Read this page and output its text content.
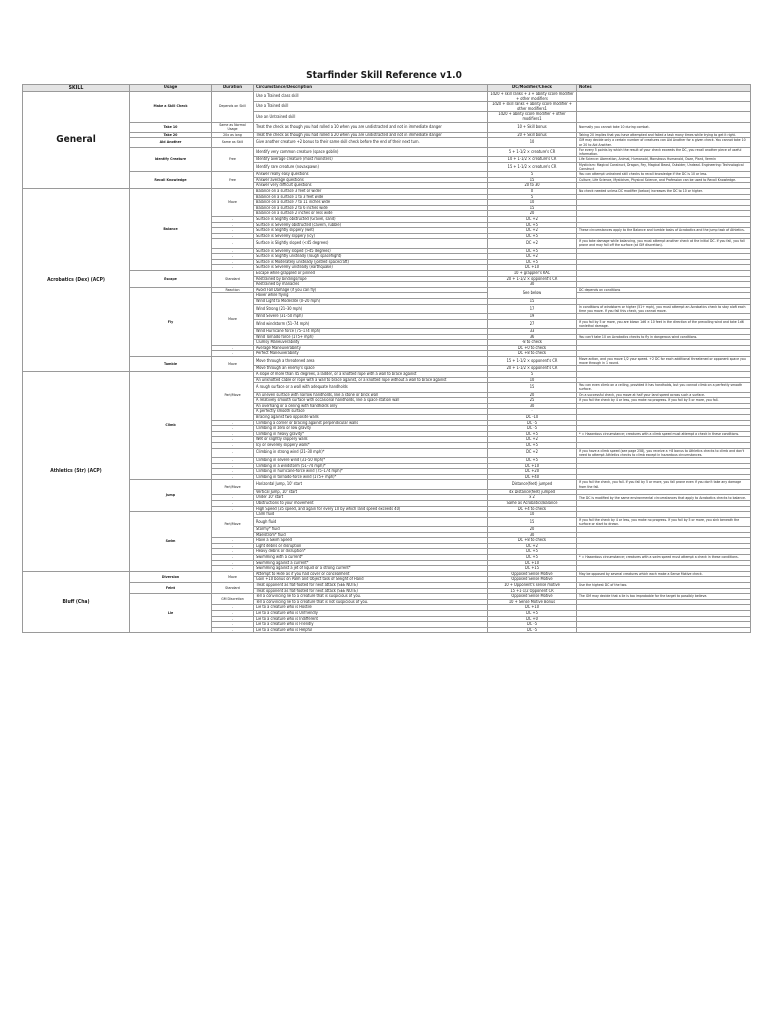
Starfinder Skill Reference v1.0
SKILL	Usage	Duration	Circumstance/Description	DC/Modifier/Check	Notes
General	Make a Skill Check	Depends on Skill	Use a Trained class skill	1d20 + skill ranks + 3 + ability score modifier + other modifiers	
			Use a Trained skill	1d20 + skill ranks + ability score modifier + other modifiers1	
			Use an Untrained skill	1d20 + ability score modifier + other modifiers1	
	Take 10	Same as Normal Usage	Treat the check as though you had rolled a 10 when you are undistracted and not in immediate danger	10 + Skill bonus	Normally you cannot take 10 during combat.
	Take 20	20x as long	Treat the check as though you had rolled a 20 when you are undistracted and not in immediate danger	20 + Skill bonus	Taking 20 implies that you have attempted and failed a task many times while trying to get it right.
	Aid Another	Same as Skill	Give another creature +2 bonus to their same skill check before the end of their next turn.	10	GM may decide only a certain number of creatures can Aid Another for a given check. You cannot take 10 or 20 to Aid Another.
	Identify Creature	Free	Identify very common creature (space goblin)	5 + 1-1/2 × creature's CR	For every 5 points by which the result of your check exceeds the DC, you recall another piece of useful information.
			Identify average creature (most monsters)	10 + 1-1/2 × creature's CR	Life Science: Aberration, Animal, Humanoid, Monstrous Humanoid, Ooze, Plant, Vermin
			Identify rare creature (novaxpawn)	15 + 1-1/2 × creature's CR	Mysticism: Magical Construct, Dragon, Fey, Magical Beast, Outsider, Undead. Engineering: Technological Construct
	Recall Knowledge	Free	Answer really easy questions	5	You can attempt untrained skill checks to recall knowledge if the DC is 10 or less.
			Answer average questions	15	Culture, Life Science, Mysticism, Physical Science, and Profession can be used to Recall Knowledge.
			Answer very difficult questions	20 to 30	
Acrobatics (Dex) (ACP)	Balance	Move	Balance on a surface 3 feet or wider	0	No check needed unless DC modifier (below) increases the DC to 10 or higher.
			Balance on a surface 1 to 3 feet wide	5	
			Balance on a surface 7 to 11 inches wide	10	
			Balance on a surface 2 to 6 inches wide	15	
			Balance on a surface 2 inches or less wide	20	
		-	Surface is Slightly obstructed (Gravel, sand)	DC +2	
		-	Surface is Severely obstructed (cavern, rubble)	DC +5	
		-	Surface is Slightly slippery (wet)	DC +2	These circumstances apply to the Balance and tumble tasks of Acrobatics and the jump task of Athletics.
		-	Surface is Severely slippery (icy)	DC +5	
		-	Surface is Slightly sloped (<45 degrees)	DC +2	If you take damage while balancing, you must attempt another check at the initial DC. If you fail, you fall prone and may fall off the surface (at GM discretion).
		-	Surface is Severely sloped (>45 degrees)	DC +5	
		-	Surface is Slightly unsteady (rough spaceflight)	DC +2	
		-	Surface is Moderately unsteady (jostled spacecraft)	DC +5	
		-	Surface is Severely unsteady (earthquake)	DC +10	
	Escape	Standard	Escape while grappled or pinned	10 + grappler's KAC	
			Restrained by bindings/rope	20 + 1-1/2 × opponent's CR	
			Restrained by manacles	30	
	Fly	Reaction	Avoid Fall Damage (if you can fly)	See below	DC depends on conditions
		Move	Hover while flying		
			Wind Light to Moderate (0–20 mph)	15	
			Wind Strong (21–30 mph)	17	In conditions of windstorm or higher (51+ mph), you must attempt an Acrobatics check to stay aloft each time you move. If you fail this check, you cannot move.
			Wind Severe (31–50 mph)	19	
			Wind windstorm (51–74 mph)	27	If you fail by 5 or more, you are blown 1d6 × 10 feet in the direction of the prevailing wind and take 1d6 nonlethal damage.
			Wind Hurricane force (75–174 mph)	33	
			Wind Tornado force (175+ mph)	36	You can't take 10 on Acrobatics checks to fly in dangerous wind conditions.
			Clumsy Maneuverability	-8 to check	
		-	Average Maneuverability	DC +0 to check	
		-	Perfect Maneuverability	DC +8 to check	
	Tumble	Move	Move through a threatened area	15 + 1-1/2 × opponent's CR	Move action, and you move 1/2 your speed. +2 DC for each additional threatened or opponent space you move through in 1 round.
			Move through an enemy's space	20 + 1-1/2 × opponent's CR	
Athletics (Str) (ACP)	Climb	Part/Move	A slope of more than 45 degrees, a ladder, or a knotted rope with a wall to brace against	5	
			An unknotted cable or rope with a wall to brace against, or a knotted rope without a wall to brace against	10	
			A rough surface or a wall with adequate handholds	15	You can even climb on a ceiling, provided it has handholds, but you cannot climb on a perfectly smooth surface.
			An uneven surface with narrow handholds, like a stone or brick wall	20	On a successful check, you move at half your land speed across such a surface.
			A relatively smooth surface with occasional handholds, like a space station wall	25	If you fail the check by 4 or less, you make no progress. If you fail by 5 or more, you fall.
			An overhang or a ceiling with handholds only	30	
			A perfectly smooth surface	-	
			Bracing against two opposite walls	DC -10	
		-	Climbing a corner or bracing against perpendicular walls	DC -5	
		-	Climbing in zero or low gravity	DC -5	
		-	Climbing in heavy gravity*	DC +5	* = Hazardous circumstance; creatures with a climb speed must attempt a check in these conditions.
		-	Wet or slightly slippery walls	DC +2	
		-	Icy or severely slippery walls*	DC +5	
		-	Climbing in strong wind (21–30 mph)*	DC +2	If you have a climb speed (see page 258), you receive a +8 bonus to Athletics checks to climb and don't need to attempt Athletics checks to climb except in hazardous circumstances.
		-	Climbing in severe wind (31–50 mph)*	DC +5	
		-	Climbing in a windstorm (51–74 mph)*	DC +10	
		-	Climbing in hurricane-force wind (75–174 mph)*	DC +20	
		-	Climbing in tornado-force wind (175+ mph)*	DC +40	
	Jump	Part/Move	Horizontal Jump, 10' start	Distance(feet) jumped	If you fail the check, you fall. If you fail by 5 or more, you fall prone even if you don't take any damage from the fall.
			Vertical Jump, 10' start	4x Distance(feet) jumped	
		-	Under 10' start	x 2	The DC is modified by the same environmental circumstances that apply to Acrobatics checks to balance.
		-	Obstructions to your movement	Same as Acrobatics/Balance	
		-	High Speed (35 speed, and again for every 10 by which land speed exceeds 40)	DC +4 to check	
	Swim	Part/Move	Calm fluid	10	
			Rough fluid	15	If you fail the check by 4 or less, you make no progress. If you fail by 5 or more, you sink beneath the surface or start to drown.
			Stormy* fluid	20	
			Maelstrom* fluid	30	
		-	Have a Swim Speed	DC +8 to check	
		-	Light debris or disruption	DC +2	
		-	Heavy debris or disruption*	DC +5	
		-	Swimming with a current*	DC +5	* = Hazardous circumstance; creatures with a swim speed must attempt a check in these conditions.
		-	Swimming against a current*	DC +10	
		-	Swimming against a jet of liquid or a strong current*	DC +15	
Bluff (Cha)	Diversion	Move	Attempt to Hide as if you had cover or concealment	Opposed Sense Motive	May be opposed by several creatures which each make a Sense Motive check.
			Gain +10 bonus on Palm and Object task of Sleight of Hand	Opposed Sense Motive	
	Feint	Standard	Treat opponent as flat-footed for next attack (SEE NOTE)	10 + Opponent's sense motive	Use the highest DC of the two.
			Treat opponent as flat-footed for next attack (SEE NOTE)	15 +1-1/2 Opponent CR	
	Lie	GM Discretion	Tell a convincing lie to a creature that is suspicious of you.	Opposed Sense Motive	The GM may decide that a lie is too improbable for the target to possibly believe.
			Tell a convincing lie to a creature that is not suspicious of you.	10 + Sense Motive Bonus	
		-	Lie to a creature who is Hostile	DC +10	
		-	Lie to a creature who is Unfriendly	DC +5	
		-	Lie to a creature who is Indifferent	DC +0	
		-	Lie to a creature who is Friendly	DC -5	
		-	Lie to a creature who is Helpful	DC -5	
